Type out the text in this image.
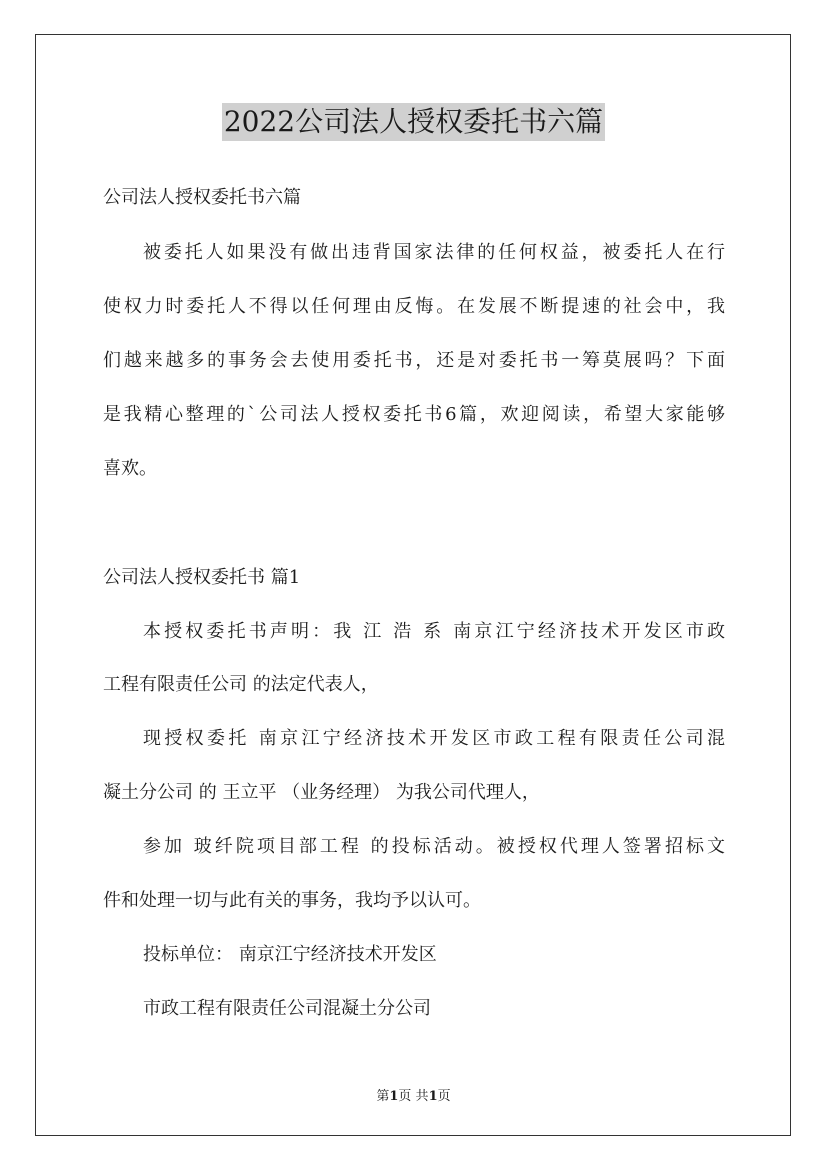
2022公司法人授权委托书六篇
公司法人授权委托书六篇
被委托人如果没有做出违背国家法律的任何权益，被委托人在行
使权力时委托人不得以任何理由反悔。在发展不断提速的社会中，我
们越来越多的事务会去使用委托书，还是对委托书一筹莫展吗？下面
是我精心整理的`公司法人授权委托书6篇，欢迎阅读，希望大家能够
喜欢。
公司法人授权委托书 篇1
本授权委托书声明：我 江 浩 系 南京江宁经济技术开发区市政
工程有限责任公司 的法定代表人，
现授权委托 南京江宁经济技术开发区市政工程有限责任公司混
凝土分公司 的 王立平 （业务经理） 为我公司代理人，
参加 玻纤院项目部工程 的投标活动。被授权代理人签署招标文
件和处理一切与此有关的事务，我均予以认可。
投标单位： 南京江宁经济技术开发区
市政工程有限责任公司混凝土分公司
第1页 共1页
